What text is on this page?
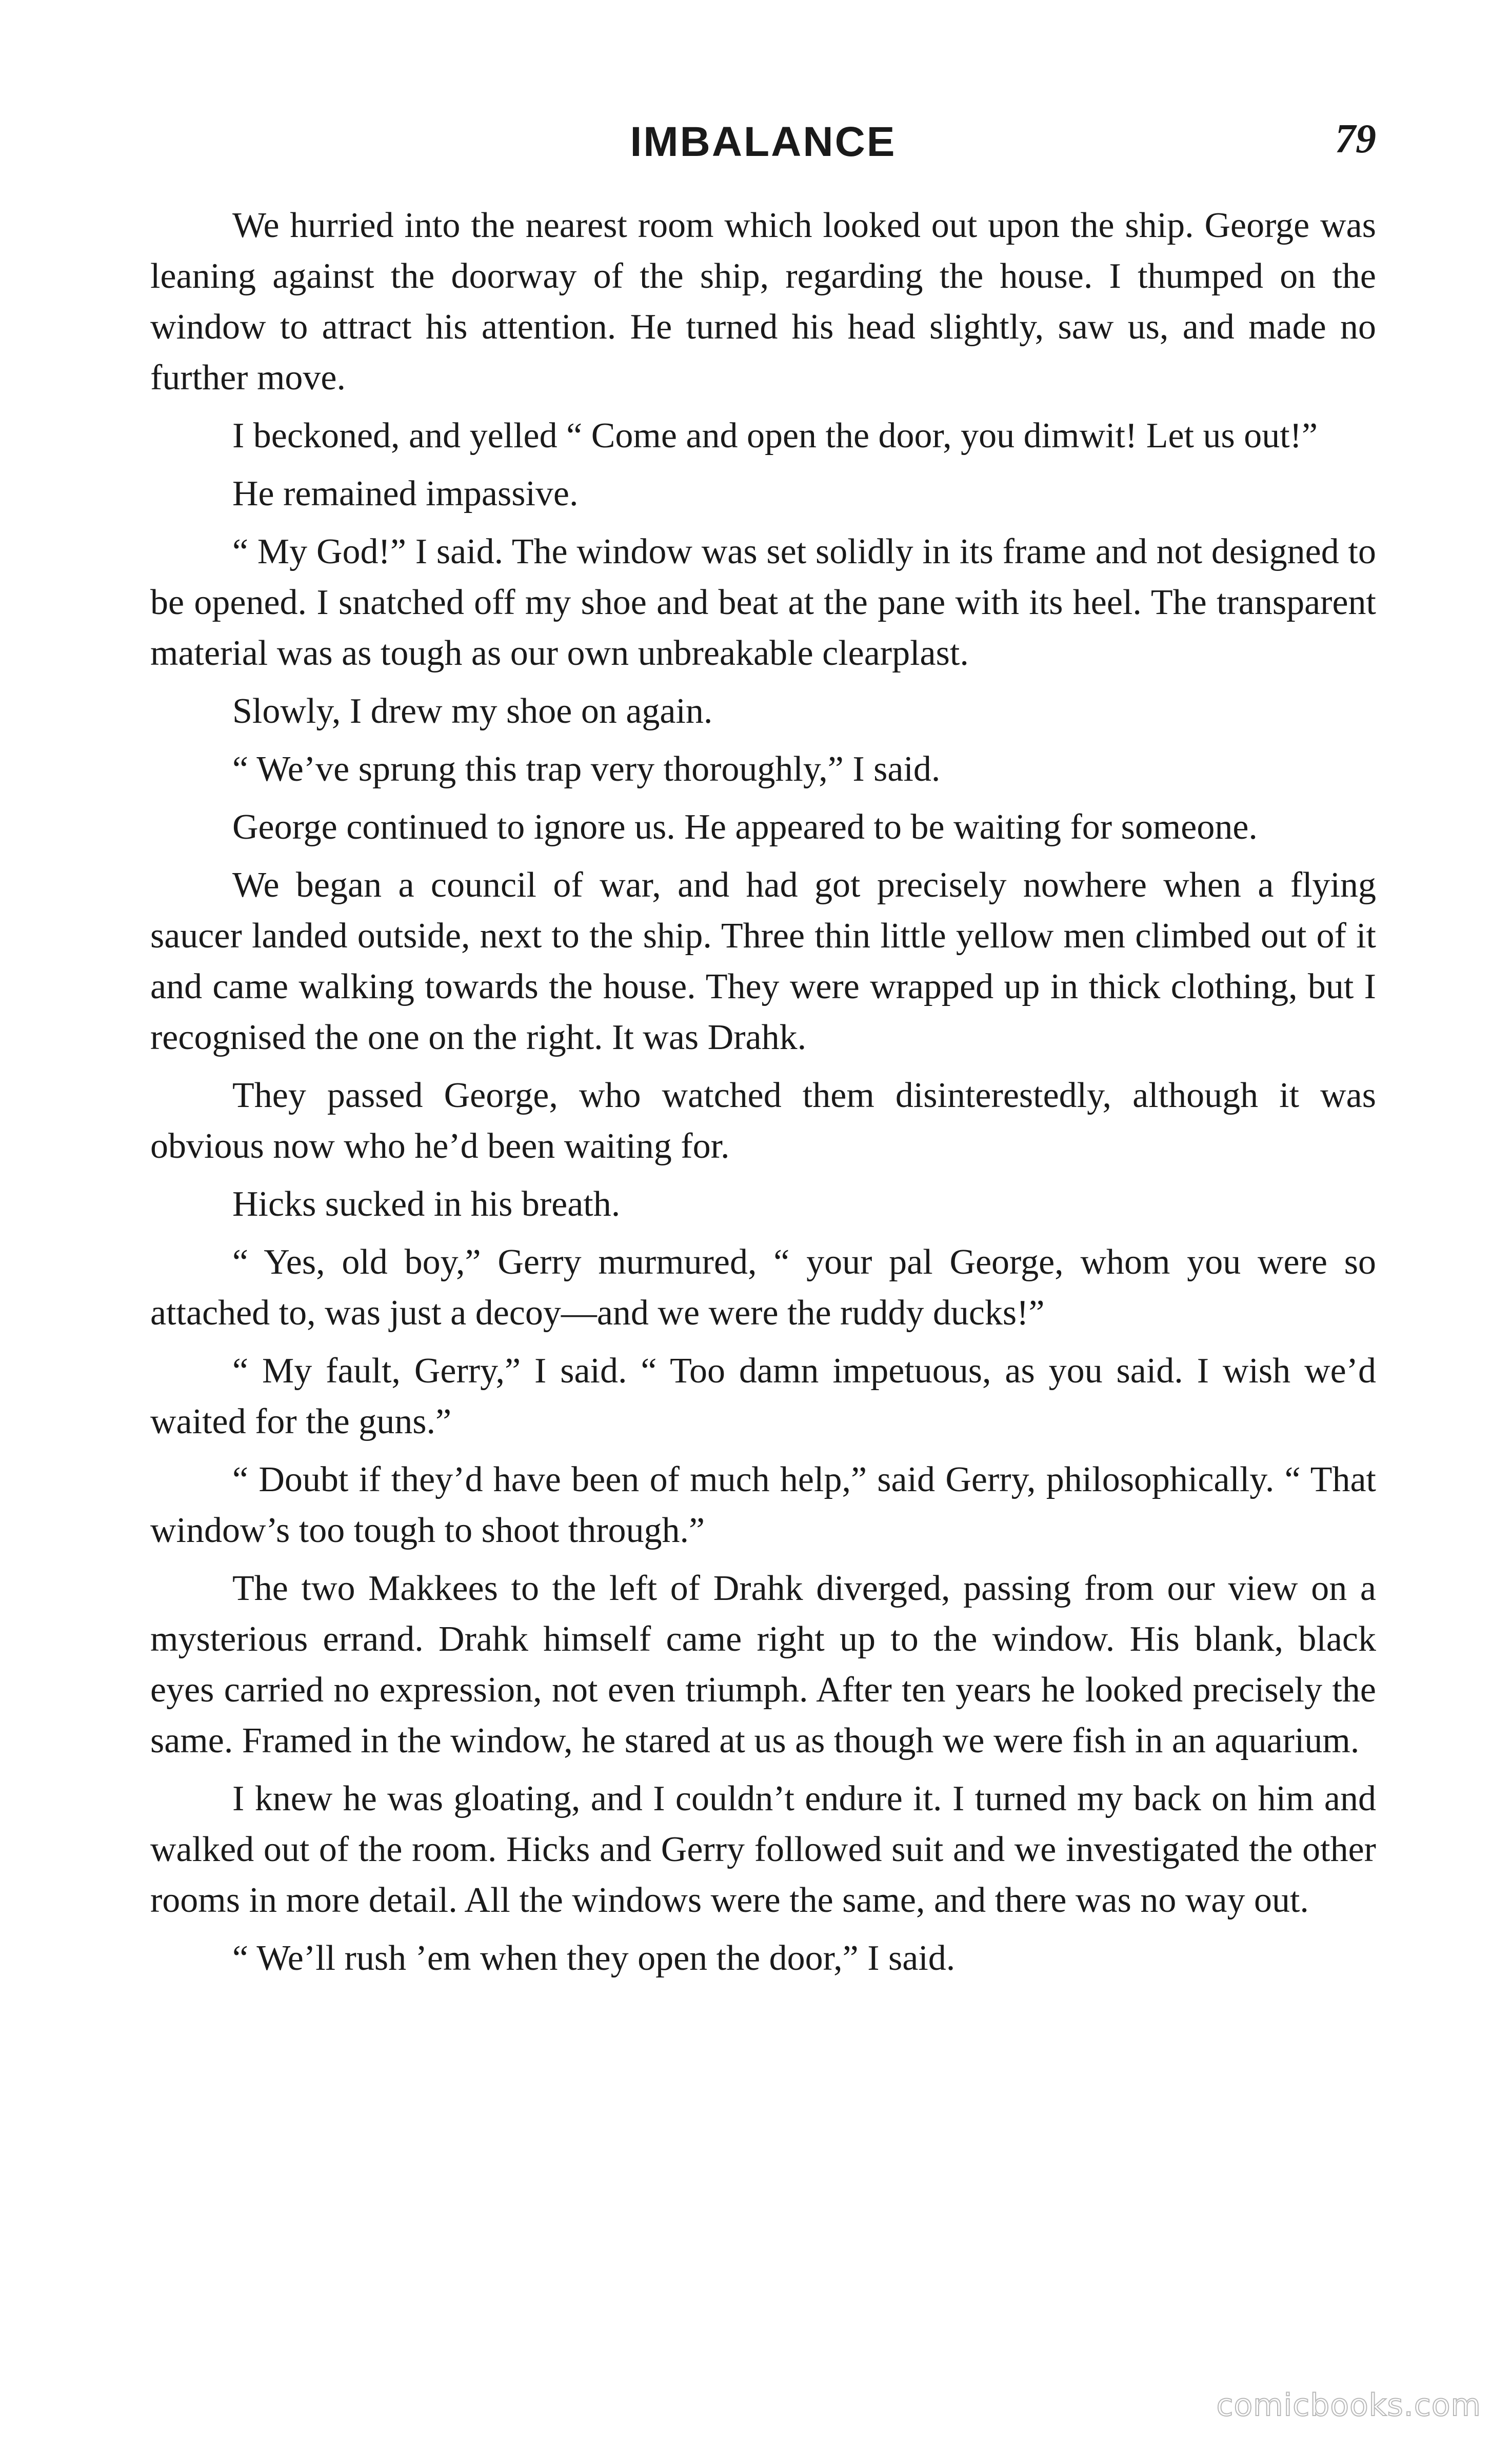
IMBALANCE	79

We hurried into the nearest room which looked out upon the ship. George was leaning against the doorway of the ship, regarding the house. I thumped on the window to attract his attention. He turned his head slightly, saw us, and made no further move.

I beckoned, and yelled “ Come and open the door, you dimwit! Let us out!”

He remained impassive.

“ My God!” I said. The window was set solidly in its frame and not designed to be opened. I snatched off my shoe and beat at the pane with its heel. The transparent material was as tough as our own unbreakable clearplast.

Slowly, I drew my shoe on again.

“ We’ve sprung this trap very thoroughly,” I said.

George continued to ignore us. He appeared to be waiting for someone.

We began a council of war, and had got precisely nowhere when a flying saucer landed outside, next to the ship. Three thin little yellow men climbed out of it and came walking towards the house. They were wrapped up in thick clothing, but I recognised the one on the right. It was Drahk.

They passed George, who watched them disinterestedly, although it was obvious now who he’d been waiting for.

Hicks sucked in his breath.

“ Yes, old boy,” Gerry murmured, “ your pal George, whom you were so attached to, was just a decoy—and we were the ruddy ducks!”

“ My fault, Gerry,” I said. “ Too damn impetuous, as you said. I wish we’d waited for the guns.”

“ Doubt if they’d have been of much help,” said Gerry, philosophically. “ That window’s too tough to shoot through.”

The two Makkees to the left of Drahk diverged, passing from our view on a mysterious errand. Drahk himself came right up to the window. His blank, black eyes carried no expression, not even triumph. After ten years he looked precisely the same. Framed in the window, he stared at us as though we were fish in an aquarium.

I knew he was gloating, and I couldn’t endure it. I turned my back on him and walked out of the room. Hicks and Gerry followed suit and we investigated the other rooms in more detail. All the windows were the same, and there was no way out.

“ We’ll rush ’em when they open the door,” I said.

comicbooks.com
